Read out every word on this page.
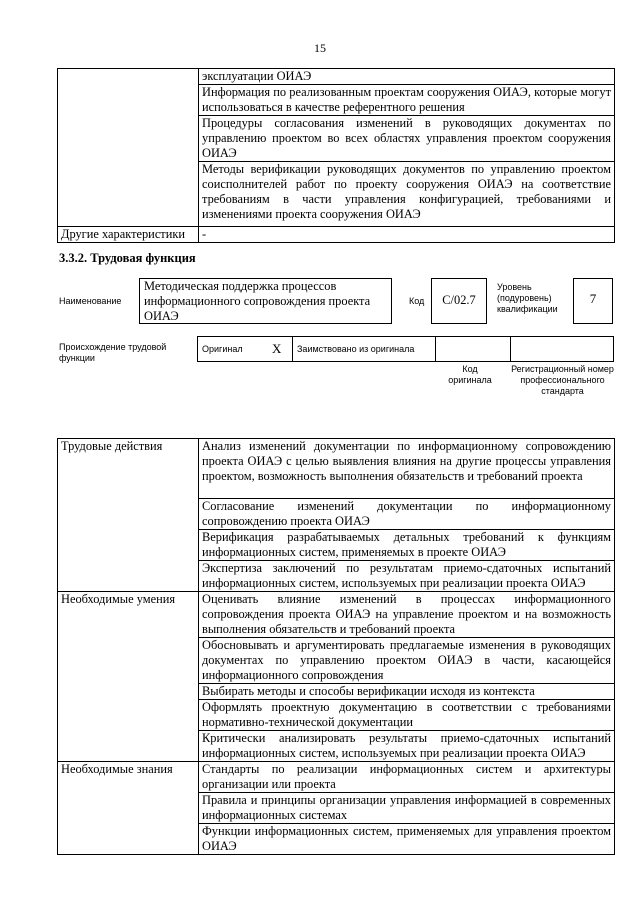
15
	эксплуатации ОИАЭ
	Информация по реализованным проектам сооружения ОИАЭ, которые могут использоваться в качестве референтного решения
	Процедуры согласования изменений в руководящих документах по управлению проектом во всех областях управления проектом сооружения ОИАЭ
	Методы верификации руководящих документов по управлению проектом соисполнителей работ по проекту сооружения ОИАЭ на соответствие требованиям в части управления конфигурацией, требованиями и изменениями проекта сооружения ОИАЭ
Другие характеристики	-
3.3.2. Трудовая функция
Наименование
Методическая поддержка процессов информационного сопровождения проекта ОИАЭ
Код	C/02.7
Уровень (подуровень) квалификации
7
Происхождение трудовой функции
Оригинал	X	Заимствовано из оригинала		
Код оригинала
Регистрационный номер профессионального стандарта
Трудовые действия	Анализ изменений документации по информационному сопровождению проекта ОИАЭ с целью выявления влияния на другие процессы управления проектом, возможность выполнения обязательств и требований проекта
	Согласование изменений документации по информационному сопровождению проекта ОИАЭ
	Верификация разрабатываемых детальных требований к функциям информационных систем, применяемых в проекте ОИАЭ
	Экспертиза заключений по результатам приемо-сдаточных испытаний информационных систем, используемых при реализации проекта ОИАЭ
Необходимые умения	Оценивать влияние изменений в процессах информационного сопровождения проекта ОИАЭ на управление проектом и на возможность выполнения обязательств и требований проекта
	Обосновывать и аргументировать предлагаемые изменения в руководящих документах по управлению проектом ОИАЭ в части, касающейся информационного сопровождения
	Выбирать методы и способы верификации исходя из контекста
	Оформлять проектную документацию в соответствии с требованиями нормативно-технической документации
	Критически анализировать результаты приемо-сдаточных испытаний информационных систем, используемых при реализации проекта ОИАЭ
Необходимые знания	Стандарты по реализации информационных систем и архитектуры организации или проекта
	Правила и принципы организации управления информацией в современных информационных системах
	Функции информационных систем, применяемых для управления проектом ОИАЭ
